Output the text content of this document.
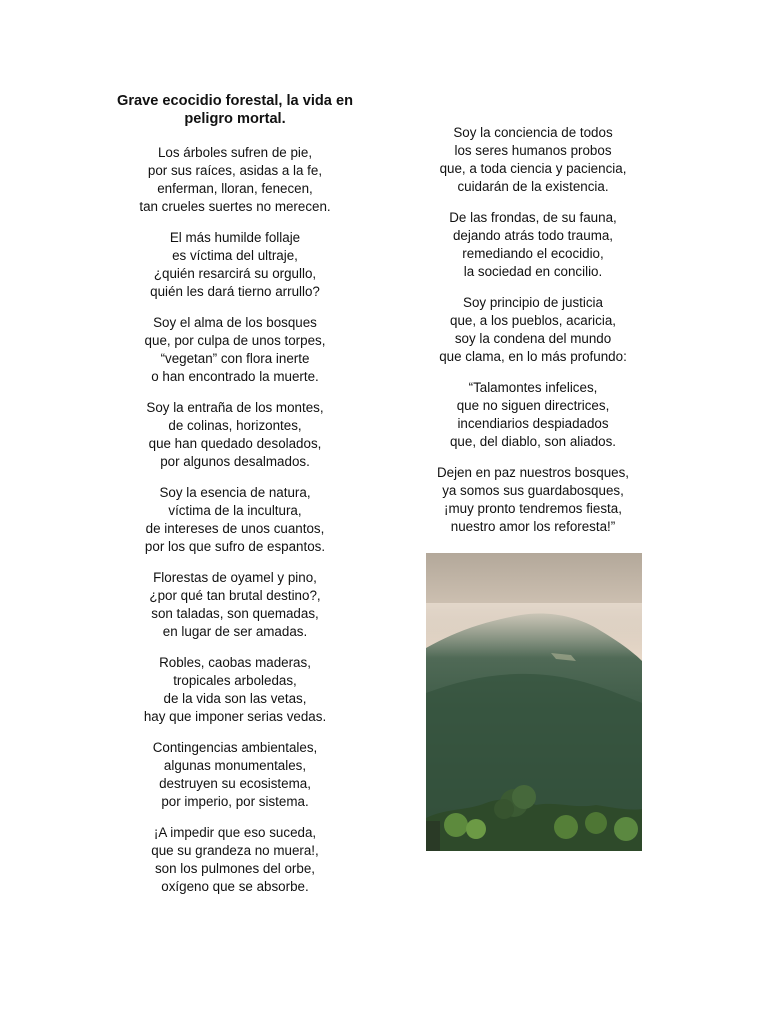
Grave ecocidio forestal, la vida en peligro mortal.
Los árboles sufren de pie,
por sus raíces, asidas a la fe,
enferman, lloran, fenecen,
tan crueles suertes no merecen.
El más humilde follaje
es víctima del ultraje,
¿quién resarcirá su orgullo,
quién les dará tierno arrullo?
Soy el alma de los bosques
que, por culpa de unos torpes,
“vegetan” con flora inerte
o han encontrado la muerte.
Soy la entraña de los montes,
de colinas, horizontes,
que han quedado desolados,
por algunos desalmados.
Soy la esencia de natura,
víctima de la incultura,
de intereses de unos cuantos,
por los que sufro de espantos.
Florestas de oyamel y pino,
¿por qué tan brutal destino?,
son taladas, son quemadas,
en lugar de ser amadas.
Robles, caobas maderas,
tropicales arboledas,
de la vida son las vetas,
hay que imponer serias vedas.
Contingencias ambientales,
algunas monumentales,
destruyen su ecosistema,
por imperio, por sistema.
¡A impedir que eso suceda,
que su grandeza no muera!,
son los pulmones del orbe,
oxígeno que se absorbe.
Soy la conciencia de todos
los seres humanos probos
que, a toda ciencia y paciencia,
cuidarán de la existencia.
De las frondas, de su fauna,
dejando atrás todo trauma,
remediando el ecocidio,
la sociedad en concilio.
Soy principio de justicia
que, a los pueblos, acaricia,
soy la condena del mundo
que clama, en lo más profundo:
“Talamontes infelices,
que no siguen directrices,
incendiarios despiadados
que, del diablo, son aliados.
Dejen en paz nuestros bosques,
ya somos sus guardabosques,
¡muy pronto tendremos fiesta,
nuestro amor los reforesta!”
